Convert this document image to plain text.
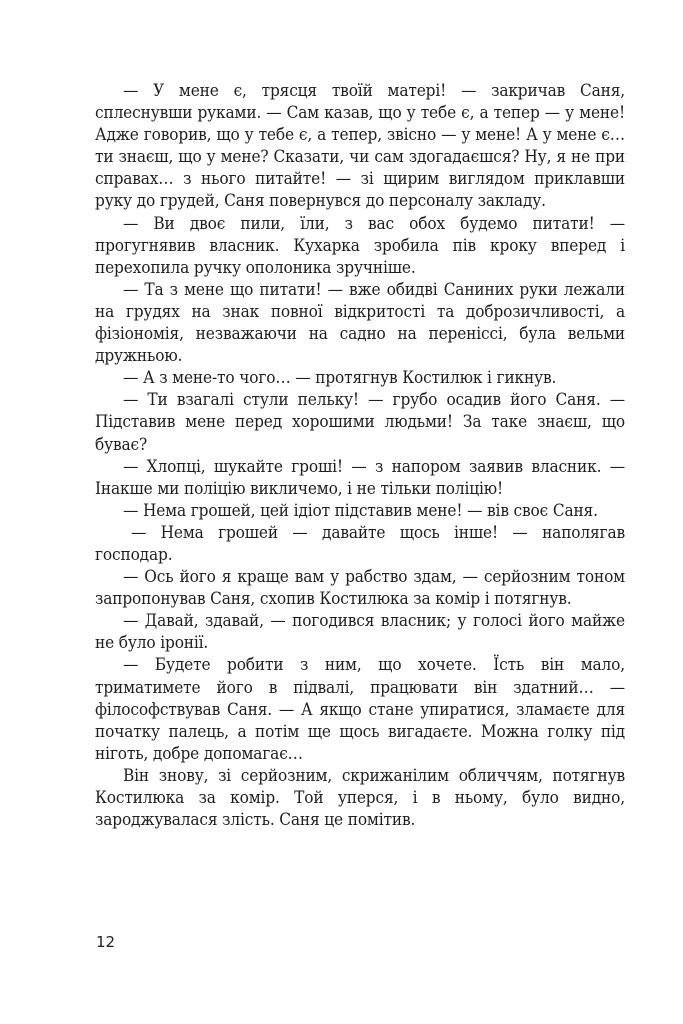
— У мене є, трясця твоїй матері! — закричав Саня, сплеснувши руками. — Сам казав, що у тебе є, а тепер — у мене! Адже говорив, що у тебе є, а тепер, звісно — у мене! А у мене є… ти знаєш, що у мене? Сказати, чи сам здогадаєшся? Ну, я не при справах… з нього питайте! — зі щирим виглядом приклавши руку до грудей, Саня повернувся до персоналу закладу.

— Ви двоє пили, їли, з вас обох будемо питати! — прогугнявив власник. Кухарка зробила пів кроку вперед і перехопила ручку ополоника зручніше.

— Та з мене що питати! — вже обидві Саниних руки лежали на грудях на знак повної відкритості та доброзичливості, а фізіономія, незважаючи на садно на переніссі, була вельми дружньою.

— А з мене-то чого… — протягнув Костилюк і гикнув.

— Ти взагалі стули пельку! — грубо осадив його Саня. — Підставив мене перед хорошими людьми! За таке знаєш, що буває?

— Хлопці, шукайте гроші! — з напором заявив власник. — Інакше ми поліцію викличемо, і не тільки поліцію!

— Нема грошей, цей ідіот підставив мене! — вів своє Саня.

— Нема грошей — давайте щось інше! — наполягав господар.

— Ось його я краще вам у рабство здам, — серйозним тоном запропонував Саня, схопив Костилюка за комір і потягнув.

— Давай, здавай, — погодився власник; у голосі його майже не було іронії.

— Будете робити з ним, що хочете. Їсть він мало, триматимете його в підвалі, працювати він здатний… — філософствував Саня. — А якщо стане упиратися, зламаєте для початку палець, а потім ще щось вигадаєте. Можна голку під ніготь, добре допомагає…

Він знову, зі серйозним, скрижанілим обличчям, потягнув Костилюка за комір. Той уперся, і в ньому, було видно, зароджувалася злість. Саня це помітив.

12
